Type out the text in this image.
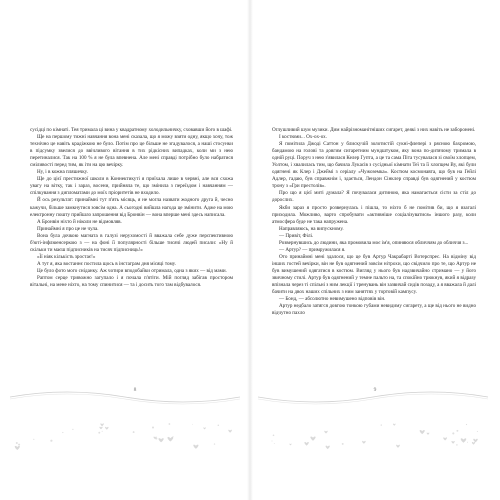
сусідці по кімнаті. Тея тримала ці вина у квадратному холодильничку, сховавши його в шафі.

Ще на першому тижні навчання вона мені сказала, що я можу взяти одну, якщо хочу, тож технічно це навіть крадіжкою не було. Потім про це більше не згадувалося, а наші стосунки в підсумку звелися до ввічливого вітання в тих рідкісних випадках, коли ми з нею перетиналися. Так на 100 % я не була впевнена. Але мені справді потрібно було набратися сміливості перед тим, як іти на цю вечірку.

Ну, і в кожна пляшечку.

Ще до цієї престижної школи в Коннектикуті я приїхала лише в червні, але вся схожа увагу на вітку, так і зараз, восени, прийняла те, що змінила з переїздом і навчанням — спілкування з дипломатами до моїх пріоритетів не входило.

Й ось результат: принаймні тут п'ять місяць, я не могла назвати жодного друга й, чесно кажучи, більше замкнутися зовсім одна. А сьогодні вийшла нагода це змінити. Адже на мою електронну пошту прийшло запрошення від Бронвін — вона вперше мені здесь написала.

А Бронвін ніхто й ніколи не відмовляв.

Принаймні я про це не чула.

Вона була дочкою магната в галузі нерухомості й вважала себе дуже перспективною б'юті-інфлюенсеркою з — на фоні її популярності більше тисячі людей писали: «Ну й скільки ти маєш підписників на тисяч підписниць!»

«Її ніяк кількість зростає!»

А тут я, яка востаннє постила щось в інстаграм дня місяці тому.

Це було фото мого сніданку. Аж чотири вподобайки отримала, одна з яких — від мами.

Раптом серце тривожно загупало і я почала п'ятіти. Мій погляд забігав простором вітальні, на мене ніхто, на тому спинитися — та і досить того там відбувалося.

8

Оглушливий шум музики. Дим найрізноманітніших сигарет, деякі з них навіть не заборонені.

І костюми... Ох-ох-ох.

Я помітила Джоді Саттон у блискучій золотистій сукні-флепері з рясною бахромою, бандамою на голові та довгим сигаретним мундштуком, яку вона по-дитячому тримала в одній руці. Поруч з нею з'явилася Келер Гупта, а це та сама Піта тусувалася зі своїм хлопцем, Уолтом, і хвалилась тим, що бачила Лукасів з сусідньої кімнати Теї та її хлопцем Ву, які були одягнені як Клер і Джеймі з серіалу «Чужоземка». Костюм космонавта, що був на Гейлі Адлер, гадаю, був справжнім і, здається, Лендон Сінклер справді був одягнений у костюм трону з «Гри престолів».

Про що я цієї миті думала? Я почувалася дитиною, яка намагається сісти за стіл до дорослих.

Якби зараз я просто розвернулась і пішла, то ніхто б не помітив би, що я взагалі приходила. Можливо, варто спробувати «активніше соціалізуватися» іншого разу, коли атмосфера буде не така напружена.

Направляюсь, на випускному.

— Привіт, Філі.

Розвернувшись до людини, яка промовила моє ім'я, опиняюся обличчям до обличчя з...

— Артур? — примружилася я.

Ото принаймні мені здалося, що це був Артур Чакрабарті Вотерспрес. На відміну від інших гостей вечірки, він не був одягнений зовсім нітрохи, що свідчило про те, що Артур не був вимушений одягатися в костюм. Вигляд у нього був надзвичайно стримано — у його звичному стилі. Артур був одягнений у темне пальто на, та спокійно трюкнув, який я відразу впізнала через ті спільні з ним лекції і тренувань він зазвичай сидів позаду, а я вважала й далі бачити на двох наших спільних з ним заняттях у тортовій кампусу.

— Бонд, — абсолютно невимушено відповів він.

Артур недбало затягся довгою тонкою губами невидиму сигарету, а ще від нього не видно відчутно пахло

9
